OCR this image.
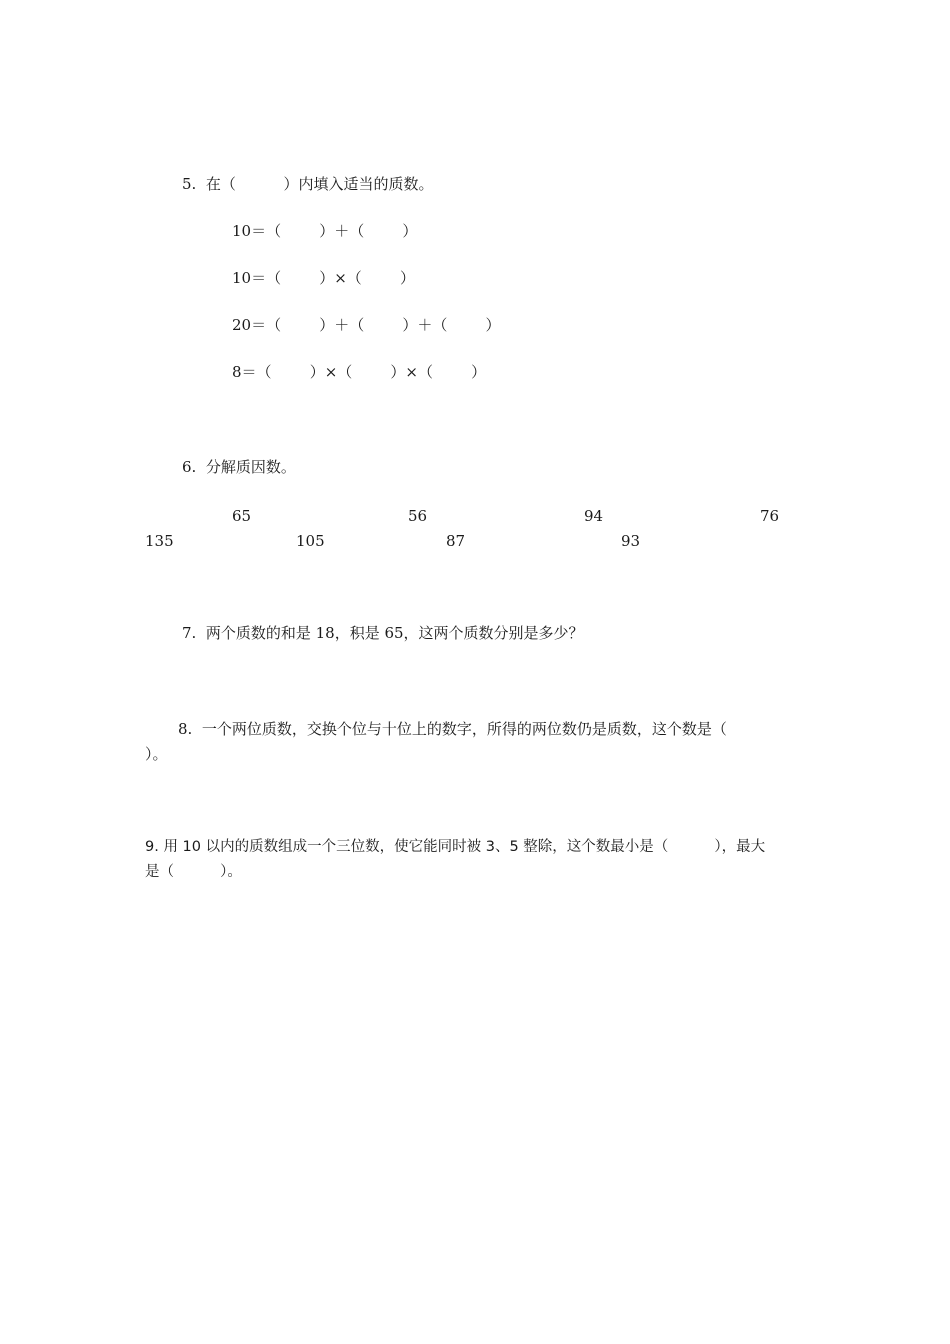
5.  在（          ）内填入适当的质数。
10＝（        ）＋（        ）
10＝（        ）×（        ）
20＝（        ）＋（        ）＋（        ）
8＝（        ）×（        ）×（        ）
6.  分解质因数。
65	56	94	76
135	105	87	93
7.  两个质数的和是 18，积是 65，这两个质数分别是多少？
8.  一个两位质数，交换个位与十位上的数字，所得的两位数仍是质数，这个数是（
）。
9. 用 10 以内的质数组成一个三位数，使它能同时被 3、5 整除，这个数最小是（          ），最大
是（          ）。
